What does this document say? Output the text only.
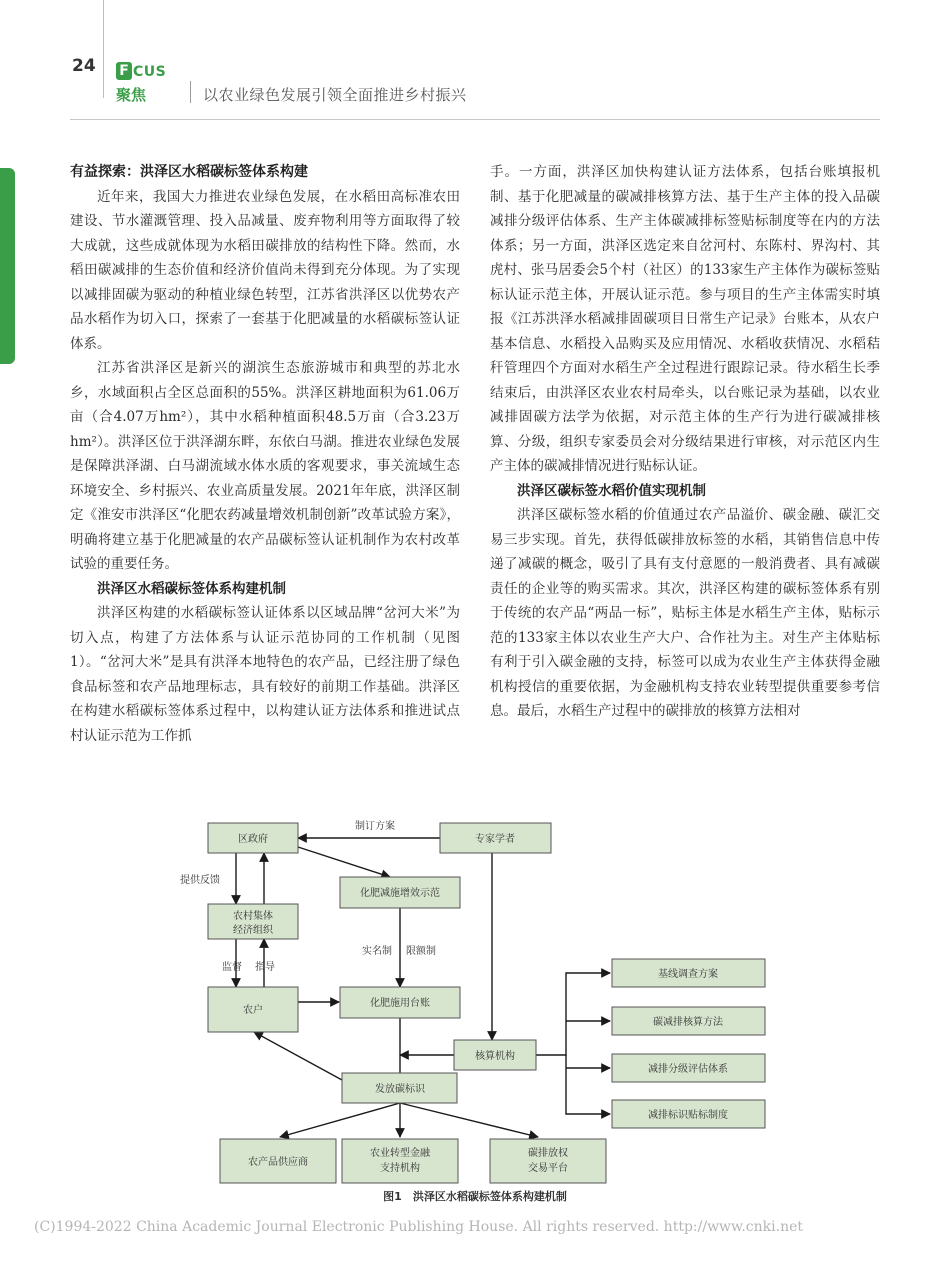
24 F CUS
聚焦	以农业绿色发展引领全面推进乡村振兴
有益探索：洪泽区水稻碳标签体系构建

近年来，我国大力推进农业绿色发展，在水稻田高标准农田建设、节水灌溉管理、投入品减量、废弃物利用等方面取得了较大成就，这些成就体现为水稻田碳排放的结构性下降。然而，水稻田碳减排的生态价值和经济价值尚未得到充分体现。为了实现以减排固碳为驱动的种植业绿色转型，江苏省洪泽区以优势农产品水稻作为切入口，探索了一套基于化肥减量的水稻碳标签认证体系。

江苏省洪泽区是新兴的湖滨生态旅游城市和典型的苏北水乡，水域面积占全区总面积的55%。洪泽区耕地面积为61.06万亩（合4.07万hm²），其中水稻种植面积48.5万亩（合3.23万hm²）。洪泽区位于洪泽湖东畔，东依白马湖。推进农业绿色发展是保障洪泽湖、白马湖流域水体水质的客观要求，事关流域生态环境安全、乡村振兴、农业高质量发展。2021年年底，洪泽区制定《淮安市洪泽区“化肥农药减量增效机制创新”改革试验方案》，明确将建立基于化肥减量的农产品碳标签认证机制作为农村改革试验的重要任务。

洪泽区水稻碳标签体系构建机制

洪泽区构建的水稻碳标签认证体系以区域品牌“岔河大米”为切入点，构建了方法体系与认证示范协同的工作机制（见图1）。“岔河大米”是具有洪泽本地特色的农产品，已经注册了绿色食品标签和农产品地理标志，具有较好的前期工作基础。洪泽区在构建水稻碳标签体系过程中，以构建认证方法体系和推进试点村认证示范为工作抓

手。一方面，洪泽区加快构建认证方法体系，包括台账填报机制、基于化肥减量的碳减排核算方法、基于生产主体的投入品碳减排分级评估体系、生产主体碳减排标签贴标制度等在内的方法体系；另一方面，洪泽区选定来自岔河村、东陈村、界沟村、其虎村、张马居委会5个村（社区）的133家生产主体作为碳标签贴标认证示范主体，开展认证示范。参与项目的生产主体需实时填报《江苏洪泽水稻减排固碳项目日常生产记录》台账本，从农户基本信息、水稻投入品购买及应用情况、水稻收获情况、水稻秸秆管理四个方面对水稻生产全过程进行跟踪记录。待水稻生长季结束后，由洪泽区农业农村局牵头，以台账记录为基础，以农业减排固碳方法学为依据，对示范主体的生产行为进行碳减排核算、分级，组织专家委员会对分级结果进行审核，对示范区内生产主体的碳减排情况进行贴标认证。

洪泽区碳标签水稻价值实现机制

洪泽区碳标签水稻的价值通过农产品溢价、碳金融、碳汇交易三步实现。首先，获得低碳排放标签的水稻，其销售信息中传递了减碳的概念，吸引了具有支付意愿的一般消费者、具有减碳责任的企业等的购买需求。其次，洪泽区构建的碳标签体系有别于传统的农产品“两品一标”，贴标主体是水稻生产主体，贴标示范的133家主体以农业生产大户、合作社为主。对生产主体贴标有利于引入碳金融的支持，标签可以成为农业生产主体获得金融机构授信的重要依据，为金融机构支持农业转型提供重要参考信息。最后，水稻生产过程中的碳排放的核算方法相对

制订方案
提供反馈
监督 指导
实名制 限额制
区政府	专家学者
化肥减施增效示范
农村集体
经济组织
农户
化肥施用台账
核算机构
发放碳标识
基线调查方案
碳减排核算方法
减排分级评估体系
减排标识贴标制度
农产品供应商
农业转型金融
支持机构
碳排放权
交易平台
图1　洪泽区水稻碳标签体系构建机制
(C)1994-2022 China Academic Journal Electronic Publishing House. All rights reserved. http://www.cnki.net
